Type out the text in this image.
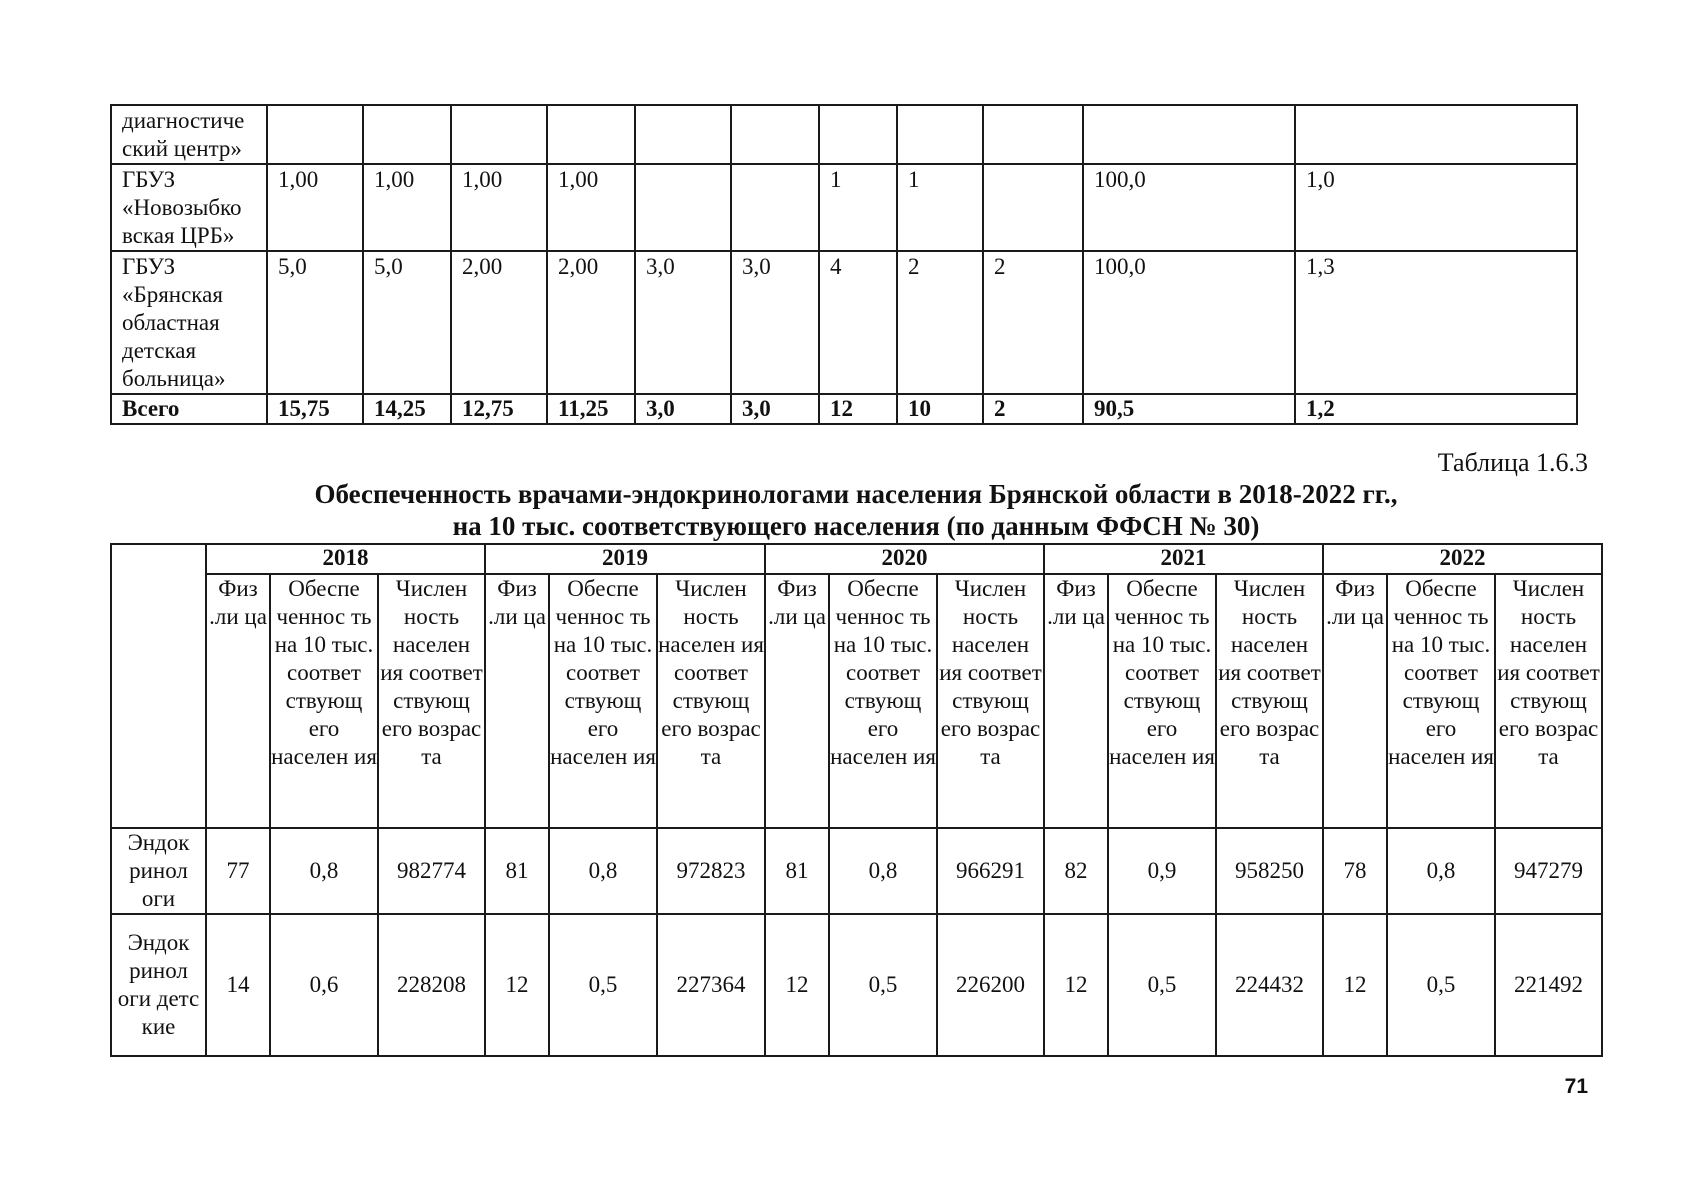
диагностиче ский центр»											
ГБУЗ «Новозыбко вская ЦРБ»	1,00	1,00	1,00	1,00			1	1		100,0	1,0
ГБУЗ «Брянская областная детская больница»	5,0	5,0	2,00	2,00	3,0	3,0	4	2	2	100,0	1,3
Всего	15,75	14,25	12,75	11,25	3,0	3,0	12	10	2	90,5	1,2
Таблица 1.6.3
Обеспеченность врачами-эндокринологами населения Брянской области в 2018-2022 гг.,
на 10 тыс. соответствующего населения (по данным ФФСН № 30)
	2018			2019			2020			2021			2022		
	Физ .ли ца	Обеспе ченнос ть на 10 тыс. соответ ствующ его населен ия	Числен ность населен ия соответ ствующ его возрас та	Физ .ли ца	Обеспе ченнос ть на 10 тыс. соответ ствующ его населен ия	Числен ность населен ия соответ ствующ его возрас та	Физ .ли ца	Обеспе ченнос ть на 10 тыс. соответ ствующ его населен ия	Числен ность населен ия соответ ствующ его возрас та	Физ .ли ца	Обеспе ченнос ть на 10 тыс. соответ ствующ его населен ия	Числен ность населен ия соответ ствующ его возрас та	Физ .ли ца	Обеспе ченнос ть на 10 тыс. соответ ствующ его населен ия	Числен ность населен ия соответ ствующ его возрас та
Эндок ринол оги	77	0,8	982774	81	0,8	972823	81	0,8	966291	82	0,9	958250	78	0,8	947279
Эндок ринол оги детс кие	14	0,6	228208	12	0,5	227364	12	0,5	226200	12	0,5	224432	12	0,5	221492
71
